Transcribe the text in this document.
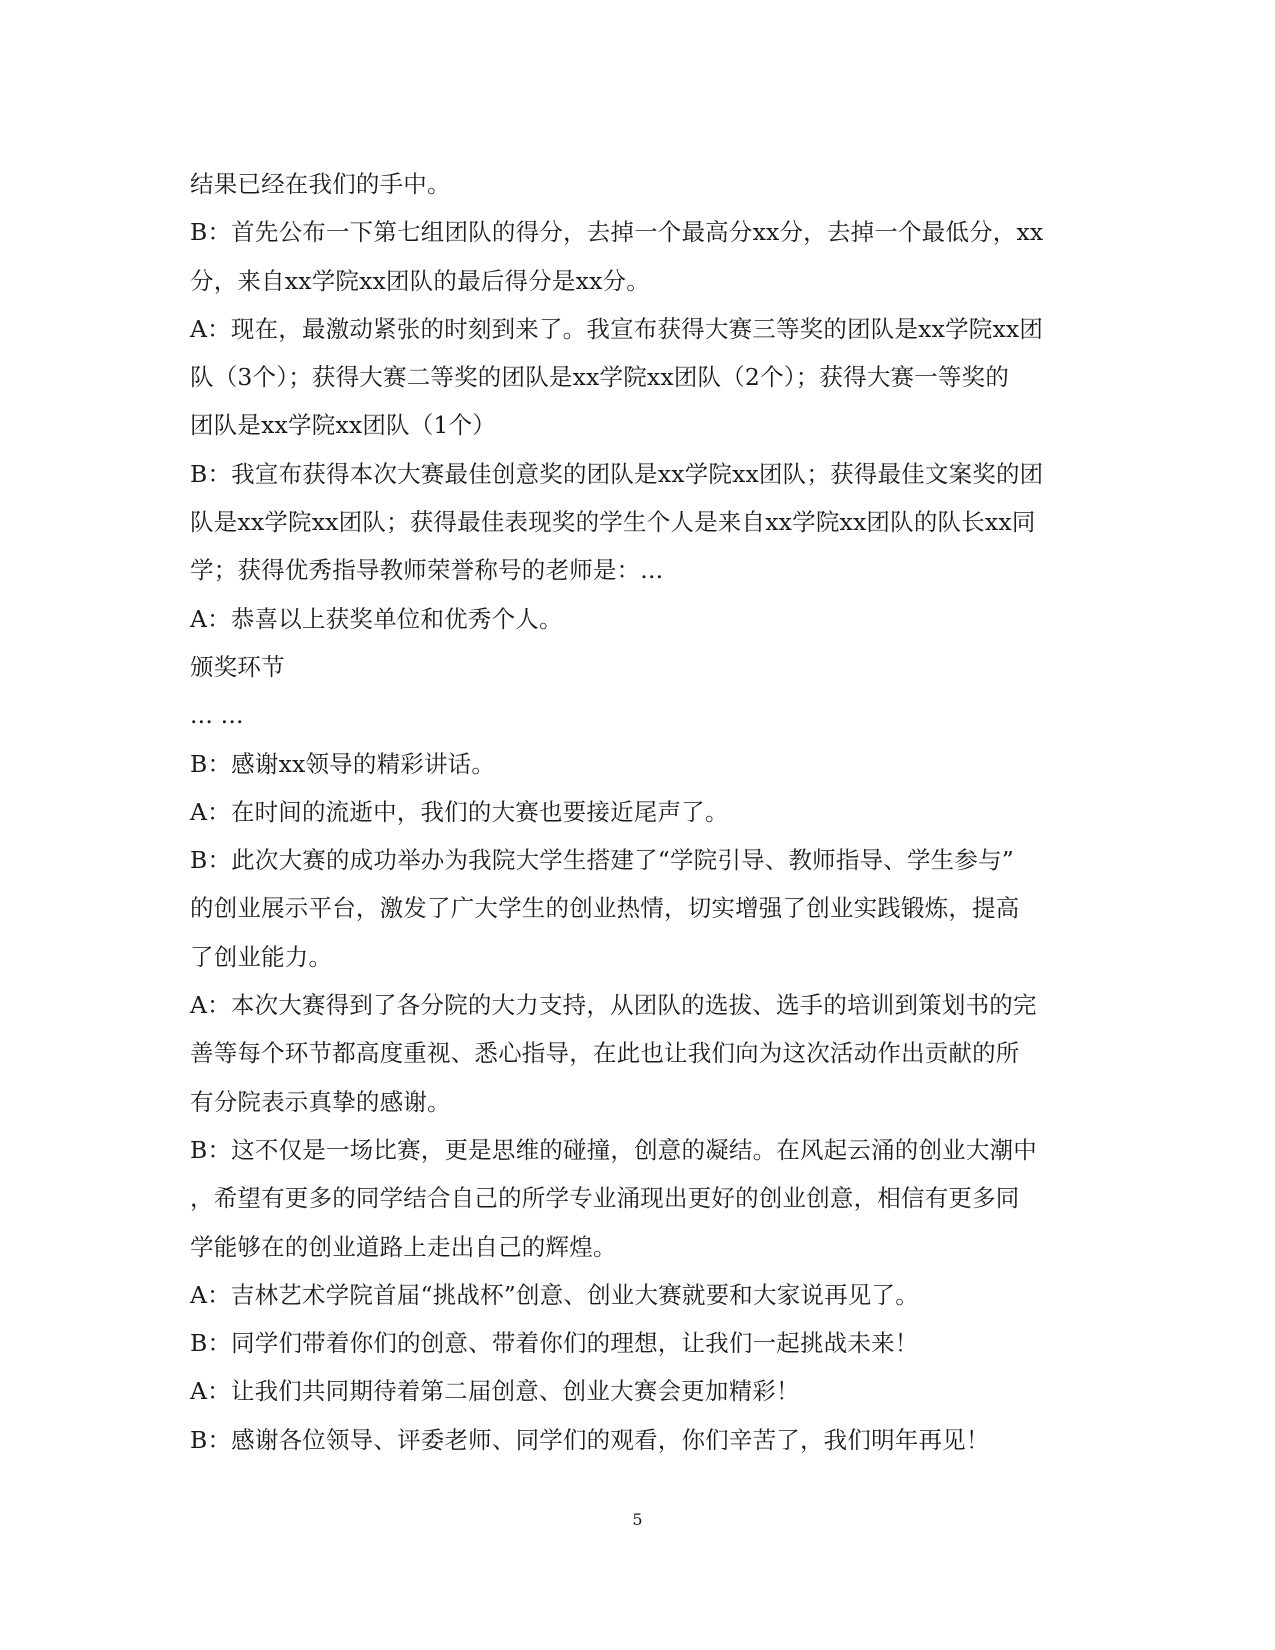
结果已经在我们的手中。
B：首先公布一下第七组团队的得分，去掉一个最高分xx分，去掉一个最低分，xx
分，来自xx学院xx团队的最后得分是xx分。
A：现在，最激动紧张的时刻到来了。我宣布获得大赛三等奖的团队是xx学院xx团
队（3个）；获得大赛二等奖的团队是xx学院xx团队（2个）；获得大赛一等奖的
团队是xx学院xx团队（1个）
B：我宣布获得本次大赛最佳创意奖的团队是xx学院xx团队；获得最佳文案奖的团
队是xx学院xx团队；获得最佳表现奖的学生个人是来自xx学院xx团队的队长xx同
学；获得优秀指导教师荣誉称号的老师是：...
A：恭喜以上获奖单位和优秀个人。
颁奖环节
... ...
B：感谢xx领导的精彩讲话。
A：在时间的流逝中，我们的大赛也要接近尾声了。
B：此次大赛的成功举办为我院大学生搭建了“学院引导、教师指导、学生参与”
的创业展示平台，激发了广大学生的创业热情，切实增强了创业实践锻炼，提高
了创业能力。
A：本次大赛得到了各分院的大力支持，从团队的选拔、选手的培训到策划书的完
善等每个环节都高度重视、悉心指导，在此也让我们向为这次活动作出贡献的所
有分院表示真挚的感谢。
B：这不仅是一场比赛，更是思维的碰撞，创意的凝结。在风起云涌的创业大潮中
，希望有更多的同学结合自己的所学专业涌现出更好的创业创意，相信有更多同
学能够在的创业道路上走出自己的辉煌。
A：吉林艺术学院首届“挑战杯”创意、创业大赛就要和大家说再见了。
B：同学们带着你们的创意、带着你们的理想，让我们一起挑战未来！
A：让我们共同期待着第二届创意、创业大赛会更加精彩！
B：感谢各位领导、评委老师、同学们的观看，你们辛苦了，我们明年再见！
5
